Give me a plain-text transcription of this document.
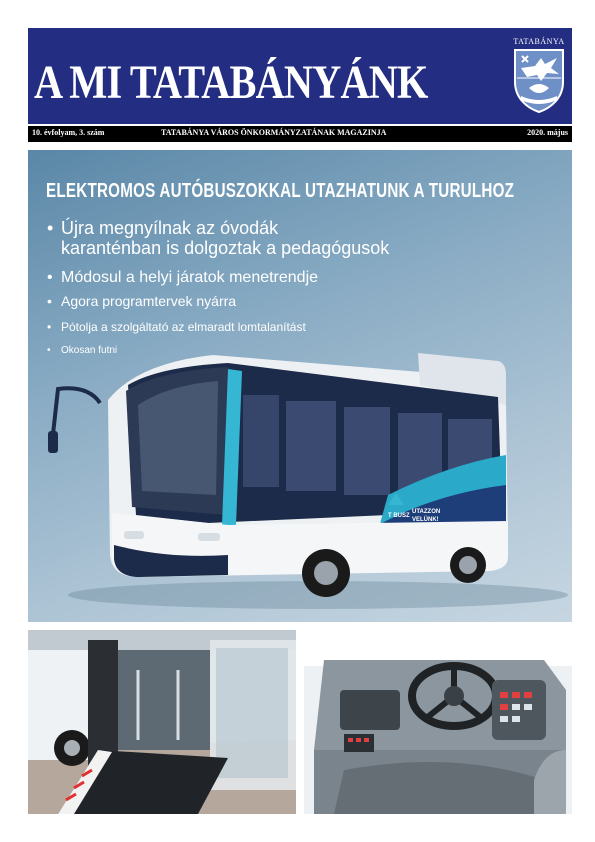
A MI TATABÁNYÁNK
TATABÁNYA
10. évfolyam, 3. szám	TATABÁNYA VÁROS ÖNKORMÁNYZATÁNAK MAGAZINJA	2020. május
ELEKTROMOS AUTÓBUSZOKKAL UTAZHATUNK A TURULHOZ
• Újra megnyílnak az óvodák
karanténban is dolgoztak a pedagógusok
• Módosul a helyi járatok menetrendje
• Agora programtervek nyárra
• Pótolja a szolgáltató az elmaradt lomtalanítást
• Okosan futni
T BUSZ
UTAZZON
VELÜNK!
